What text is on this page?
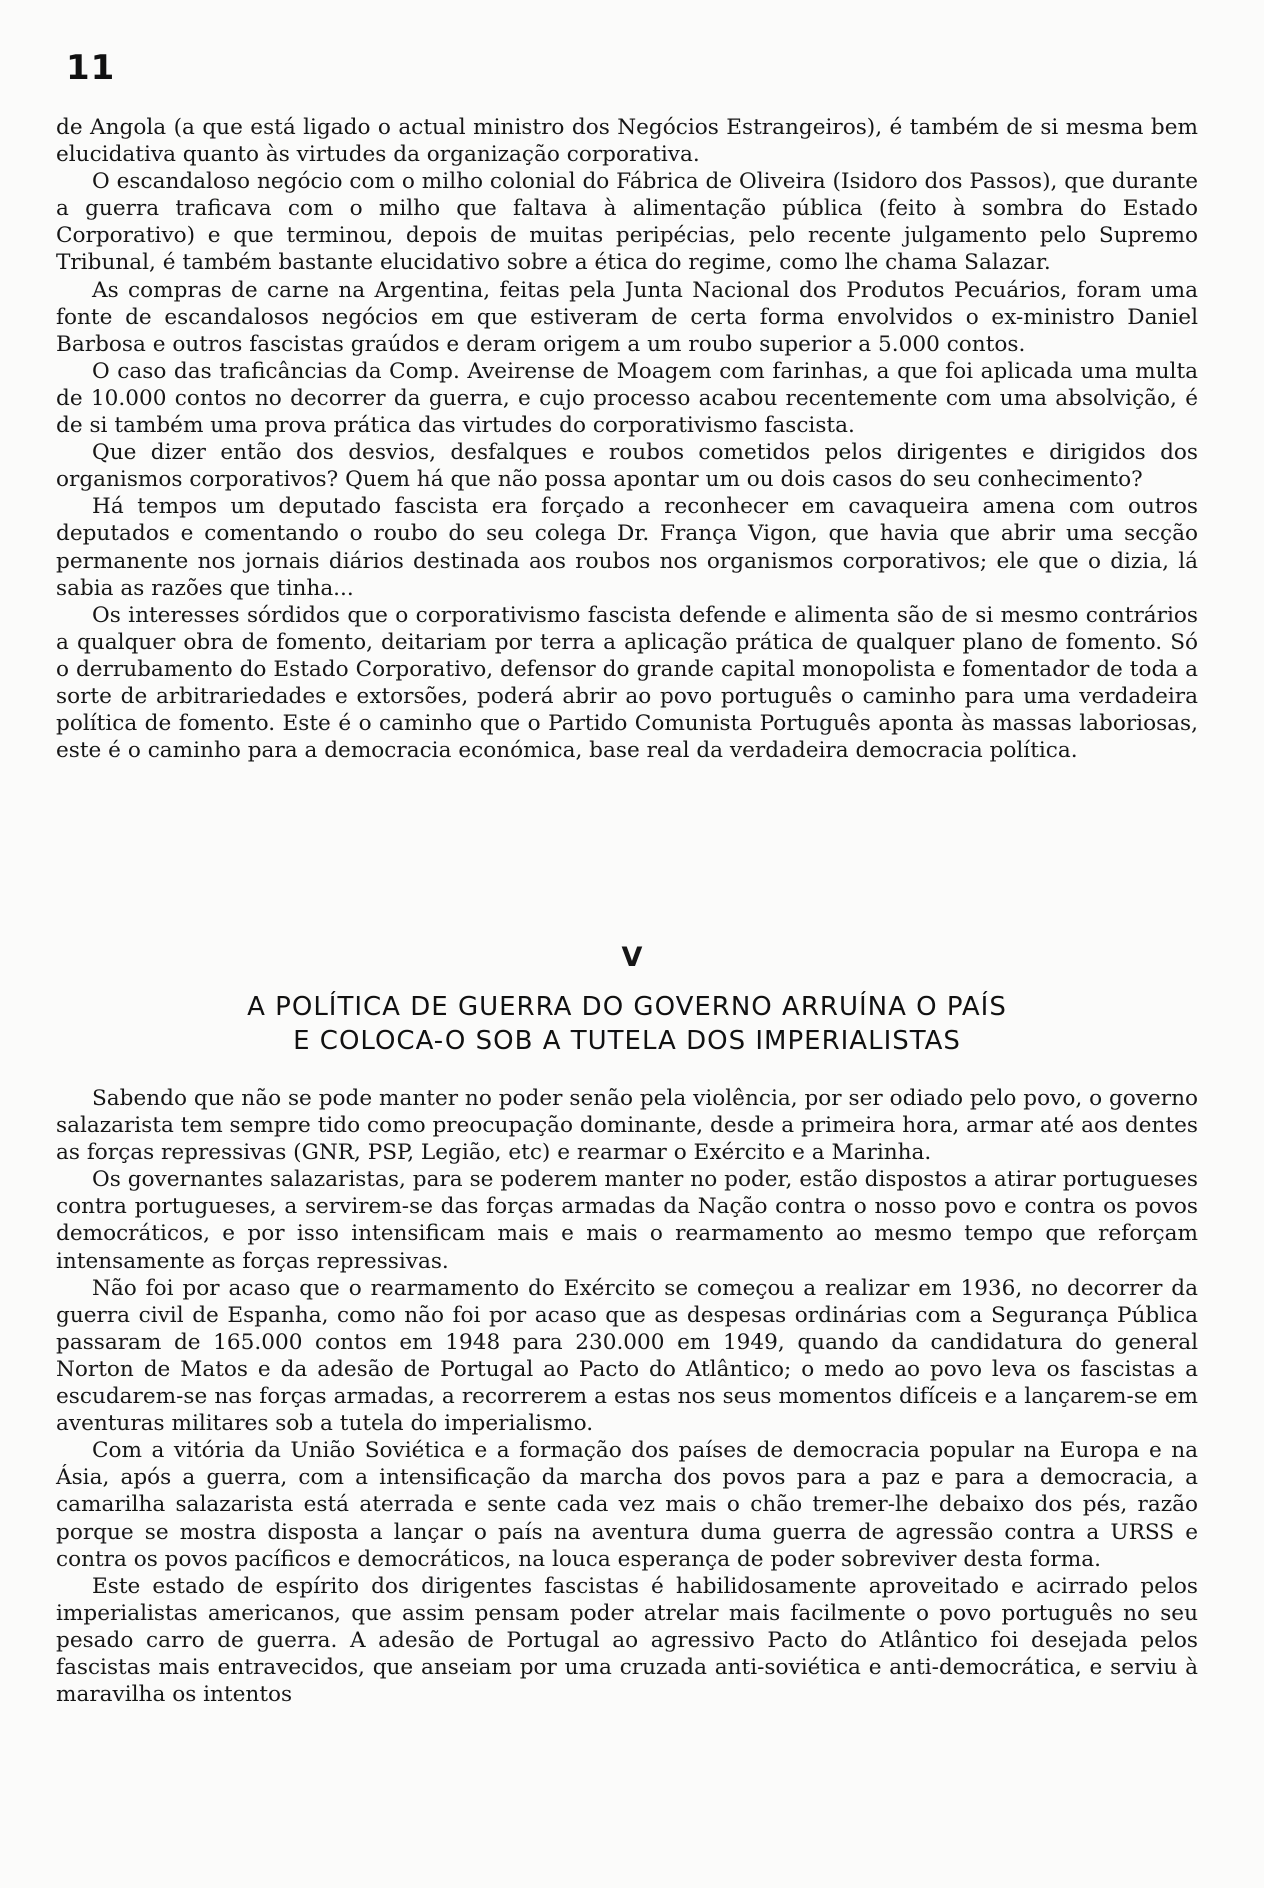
11

de Angola (a que está ligado o actual ministro dos Negócios Estrangeiros), é também de si mesma bem elucidativa quanto às virtudes da organização corporativa.

O escandaloso negócio com o milho colonial do Fábrica de Oliveira (Isidoro dos Passos), que durante a guerra traficava com o milho que faltava à alimentação pública (feito à sombra do Estado Corporativo) e que terminou, depois de muitas peripécias, pelo recente julgamento pelo Supremo Tribunal, é também bastante elucidativo sobre a ética do regime, como lhe chama Salazar.

As compras de carne na Argentina, feitas pela Junta Nacional dos Produtos Pecuários, foram uma fonte de escandalosos negócios em que estiveram de certa forma envolvidos o ex-ministro Daniel Barbosa e outros fascistas graúdos e deram origem a um roubo superior a 5.000 contos.

O caso das traficâncias da Comp. Aveirense de Moagem com farinhas, a que foi aplicada uma multa de 10.000 contos no decorrer da guerra, e cujo processo acabou recentemente com uma absolvição, é de si também uma prova prática das virtudes do corporativismo fascista.

Que dizer então dos desvios, desfalques e roubos cometidos pelos dirigentes e dirigidos dos organismos corporativos? Quem há que não possa apontar um ou dois casos do seu conhecimento?

Há tempos um deputado fascista era forçado a reconhecer em cavaqueira amena com outros deputados e comentando o roubo do seu colega Dr. França Vigon, que havia que abrir uma secção permanente nos jornais diários destinada aos roubos nos organismos corporativos; ele que o dizia, lá sabia as razões que tinha...

Os interesses sórdidos que o corporativismo fascista defende e alimenta são de si mesmo contrários a qualquer obra de fomento, deitariam por terra a aplicação prática de qualquer plano de fomento. Só o derrubamento do Estado Corporativo, defensor do grande capital monopolista e fomentador de toda a sorte de arbitrariedades e extorsões, poderá abrir ao povo português o caminho para uma verdadeira política de fomento. Este é o caminho que o Partido Comunista Português aponta às massas laboriosas, este é o caminho para a democracia económica, base real da verdadeira democracia política.

V
A POLÍTICA DE GUERRA DO GOVERNO ARRUÍNA O PAÍS
E COLOCA-O SOB A TUTELA DOS IMPERIALISTAS

Sabendo que não se pode manter no poder senão pela violência, por ser odiado pelo povo, o governo salazarista tem sempre tido como preocupação dominante, desde a primeira hora, armar até aos dentes as forças repressivas (GNR, PSP, Legião, etc) e rearmar o Exército e a Marinha.

Os governantes salazaristas, para se poderem manter no poder, estão dispostos a atirar portugueses contra portugueses, a servirem-se das forças armadas da Nação contra o nosso povo e contra os povos democráticos, e por isso intensificam mais e mais o rearmamento ao mesmo tempo que reforçam intensamente as forças repressivas.

Não foi por acaso que o rearmamento do Exército se começou a realizar em 1936, no decorrer da guerra civil de Espanha, como não foi por acaso que as despesas ordinárias com a Segurança Pública passaram de 165.000 contos em 1948 para 230.000 em 1949, quando da candidatura do general Norton de Matos e da adesão de Portugal ao Pacto do Atlântico; o medo ao povo leva os fascistas a escudarem-se nas forças armadas, a recorrerem a estas nos seus momentos difíceis e a lançarem-se em aventuras militares sob a tutela do imperialismo.

Com a vitória da União Soviética e a formação dos países de democracia popular na Europa e na Ásia, após a guerra, com a intensificação da marcha dos povos para a paz e para a democracia, a camarilha salazarista está aterrada e sente cada vez mais o chão tremer-lhe debaixo dos pés, razão porque se mostra disposta a lançar o país na aventura duma guerra de agressão contra a URSS e contra os povos pacíficos e democráticos, na louca esperança de poder sobreviver desta forma.

Este estado de espírito dos dirigentes fascistas é habilidosamente aproveitado e acirrado pelos imperialistas americanos, que assim pensam poder atrelar mais facilmente o povo português no seu pesado carro de guerra. A adesão de Portugal ao agressivo Pacto do Atlântico foi desejada pelos fascistas mais entravecidos, que anseiam por uma cruzada anti-soviética e anti-democrática, e serviu à maravilha os intentos
